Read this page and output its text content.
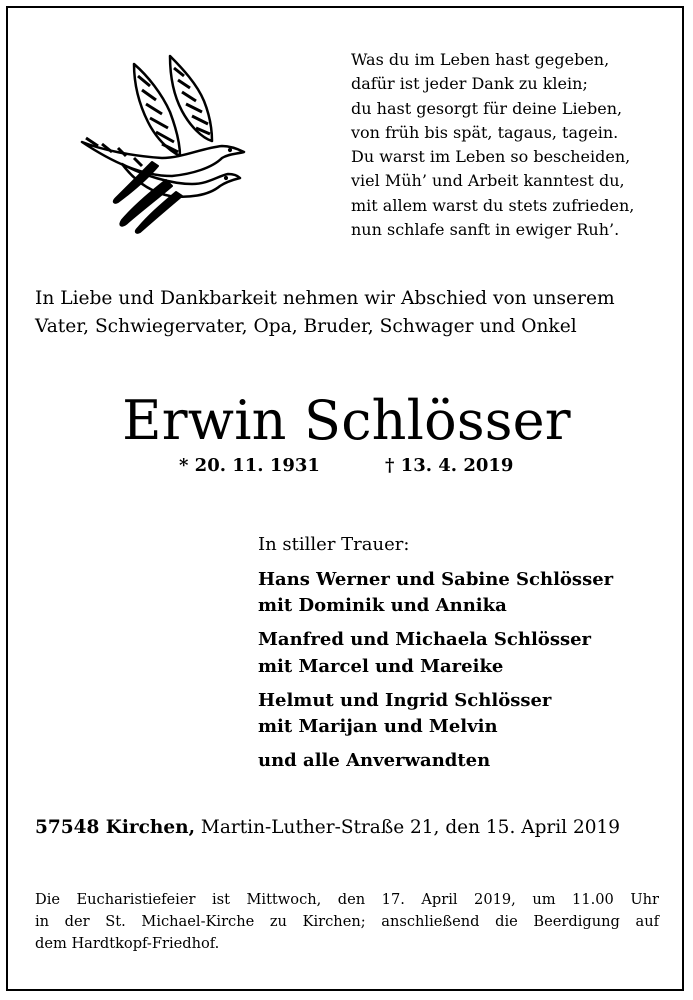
Was du im Leben hast gegeben,
dafür ist jeder Dank zu klein;
du hast gesorgt für deine Lieben,
von früh bis spät, tagaus, tagein.
Du warst im Leben so bescheiden,
viel Müh’ und Arbeit kanntest du,
mit allem warst du stets zufrieden,
nun schlafe sanft in ewiger Ruh’.
In Liebe und Dankbarkeit nehmen wir Abschied von unserem
Vater, Schwiegervater, Opa, Bruder, Schwager und Onkel
Erwin Schlösser
* 20. 11. 1931	† 13. 4. 2019
In stiller Trauer:
Hans Werner und Sabine Schlösser
mit Dominik und Annika
Manfred und Michaela Schlösser
mit Marcel und Mareike
Helmut und Ingrid Schlösser
mit Marijan und Melvin
und alle Anverwandten
57548 Kirchen, Martin-Luther-Straße 21, den 15. April 2019
Die Eucharistiefeier ist Mittwoch, den 17. April 2019, um 11.00 Uhr
in der St. Michael-Kirche zu Kirchen; anschließend die Beerdigung auf
dem Hardtkopf-Friedhof.
